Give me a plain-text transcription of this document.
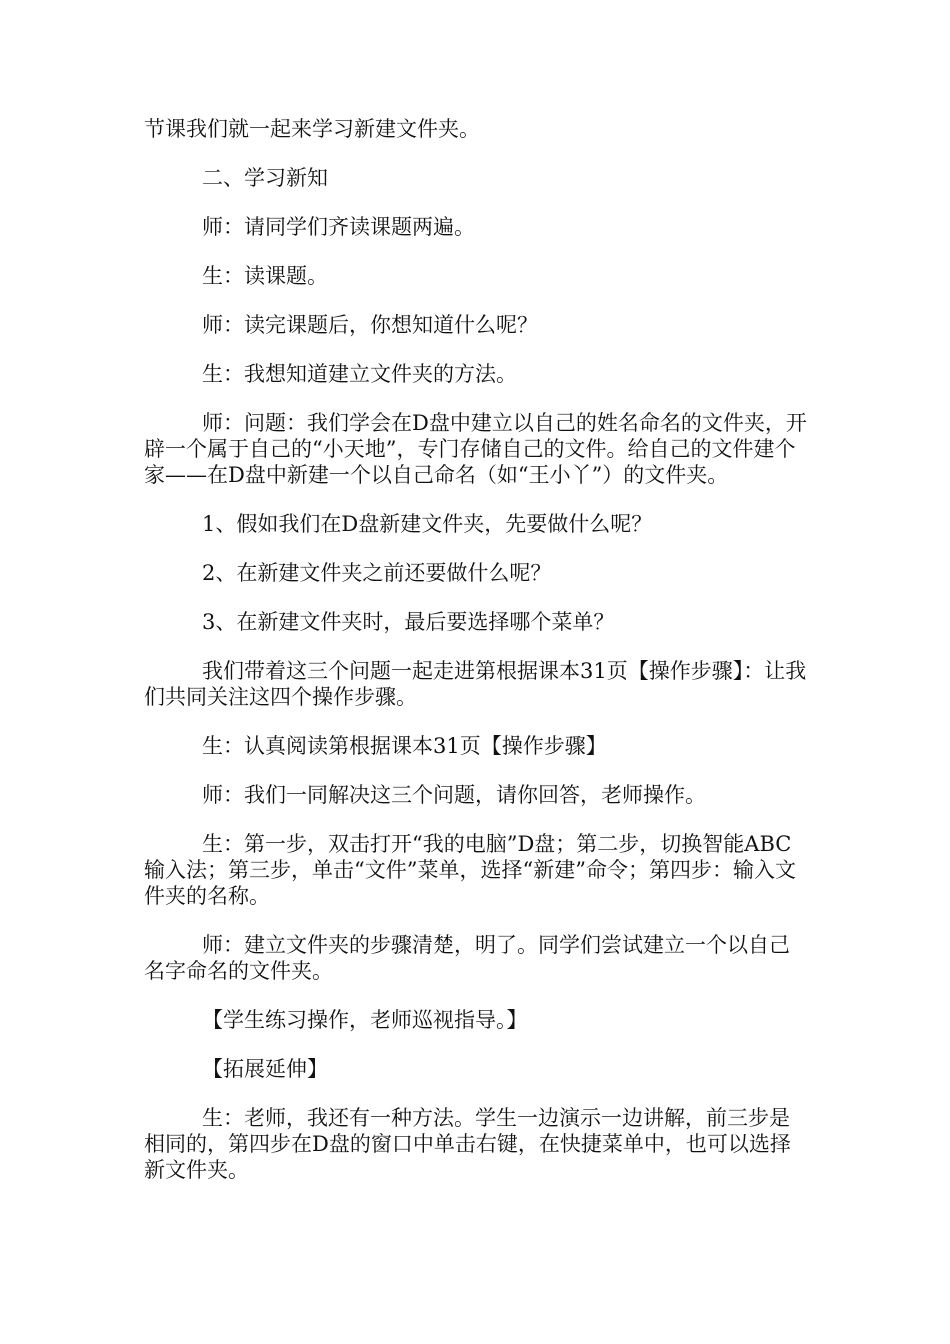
节课我们就一起来学习新建文件夹。

二、学习新知

师：请同学们齐读课题两遍。

生：读课题。

师：读完课题后，你想知道什么呢？

生：我想知道建立文件夹的方法。

师：问题：我们学会在D盘中建立以自己的姓名命名的文件夹，开辟一个属于自己的“小天地”，专门存储自己的文件。给自己的文件建个家——在D盘中新建一个以自己命名（如“王小丫”）的文件夹。

1、假如我们在D盘新建文件夹，先要做什么呢？

2、在新建文件夹之前还要做什么呢？

3、在新建文件夹时，最后要选择哪个菜单？

我们带着这三个问题一起走进第根据课本31页【操作步骤】：让我们共同关注这四个操作步骤。

生：认真阅读第根据课本31页【操作步骤】

师：我们一同解决这三个问题，请你回答，老师操作。

生：第一步，双击打开“我的电脑”D盘；第二步，切换智能ABC输入法；第三步，单击“文件”菜单，选择“新建”命令；第四步：输入文件夹的名称。

师：建立文件夹的步骤清楚，明了。同学们尝试建立一个以自己名字命名的文件夹。

【学生练习操作，老师巡视指导。】

【拓展延伸】

生：老师，我还有一种方法。学生一边演示一边讲解，前三步是相同的，第四步在D盘的窗口中单击右键，在快捷菜单中，也可以选择新文件夹。
